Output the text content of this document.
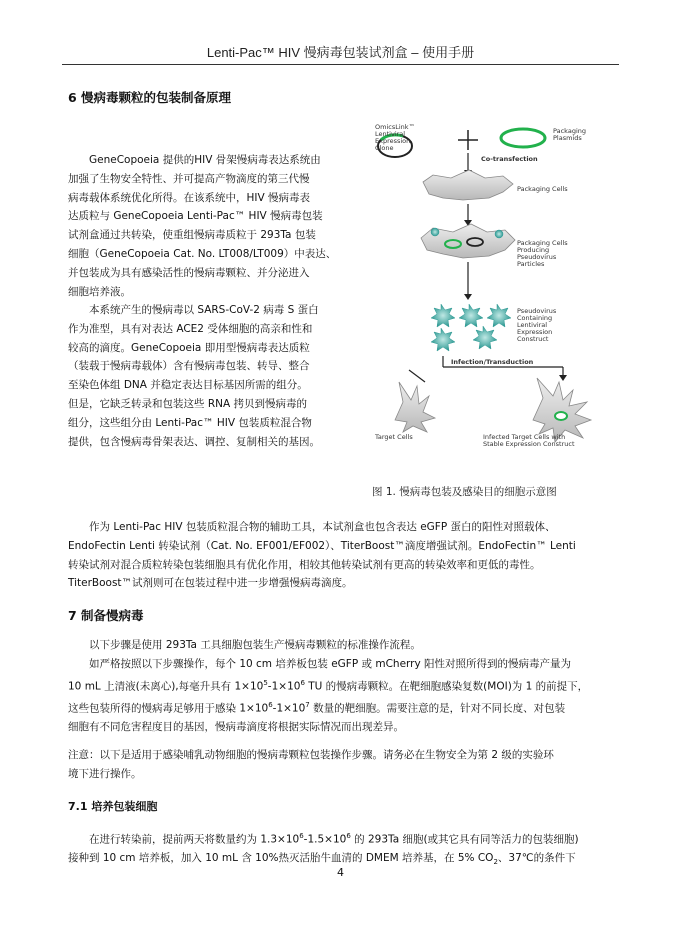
Lenti-Pac™ HIV 慢病毒包装试剂盒 – 使用手册
6 慢病毒颗粒的包装制备原理
GeneCopoeia 提供的HIV 骨架慢病毒表达系统由
加强了生物安全特性、并可提高产物滴度的第三代慢
病毒载体系统优化所得。在该系统中，HIV 慢病毒表
达质粒与 GeneCopoeia Lenti-Pac™ HIV 慢病毒包装
试剂盒通过共转染，使重组慢病毒质粒于 293Ta 包装
细胞（GeneCopoeia Cat. No. LT008/LT009）中表达、
并包装成为具有感染活性的慢病毒颗粒、并分泌进入
细胞培养液。
本系统产生的慢病毒以 SARS-CoV-2 病毒 S 蛋白
作为准型，具有对表达 ACE2 受体细胞的高亲和性和
较高的滴度。GeneCopoeia 即用型慢病毒表达质粒
（装载于慢病毒载体）含有慢病毒包装、转导、整合
至染色体组 DNA 并稳定表达目标基因所需的组分。
但是，它缺乏转录和包装这些 RNA 拷贝到慢病毒的
组分，这些组分由 Lenti-Pac™ HIV 包装质粒混合物
提供，包含慢病毒骨架表达、调控、复制相关的基因。
OmicsLink™
Lentiviral
Expression
Clone
Packaging
Plasmids
Co-transfection
Packaging Cells
Packaging Cells
Producing
Pseudovirus
Particles
Pseudovirus
Containing
Lentiviral
Expression
Construct
Infection/Transduction
Target Cells	Infected Target Cells with
Stable Expression Construct
图 1. 慢病毒包装及感染目的细胞示意图
作为 Lenti-Pac HIV 包装质粒混合物的辅助工具，本试剂盒也包含表达 eGFP 蛋白的阳性对照载体、
EndoFectin Lenti 转染试剂（Cat. No. EF001/EF002）、TiterBoost™滴度增强试剂。EndoFectin™ Lenti
转染试剂对混合质粒转染包装细胞具有优化作用，相较其他转染试剂有更高的转染效率和更低的毒性。
TiterBoost™试剂则可在包装过程中进一步增强慢病毒滴度。
7 制备慢病毒
以下步骤是使用 293Ta 工具细胞包装生产慢病毒颗粒的标准操作流程。
如严格按照以下步骤操作，每个 10 cm 培养板包装 eGFP 或 mCherry 阳性对照所得到的慢病毒产量为
10 mL 上清液(未离心),每毫升具有 $1\times 10^5-1\times 10^6$ TU 的慢病毒颗粒。在靶细胞感染复数(MOI)为 1 的前提下，
这些包装所得的慢病毒足够用于感染 $1\times 10^6-1\times 10^7$ 数量的靶细胞。需要注意的是，针对不同长度、对包装
细胞有不同危害程度目的基因，慢病毒滴度将根据实际情况而出现差异。
注意：以下是适用于感染哺乳动物细胞的慢病毒颗粒包装操作步骤。请务必在生物安全为第 2 级的实验环
境下进行操作。
7.1 培养包装细胞
在进行转染前，提前两天将数量约为 $1.3\times 10^6-1.5\times 10^6$ 的 293Ta 细胞(或其它具有同等活力的包装细胞)
接种到 10 cm 培养板，加入 10 mL 含 10%热灭活胎牛血清的 DMEM 培养基，在 5% $CO_2$、37℃的条件下
4
